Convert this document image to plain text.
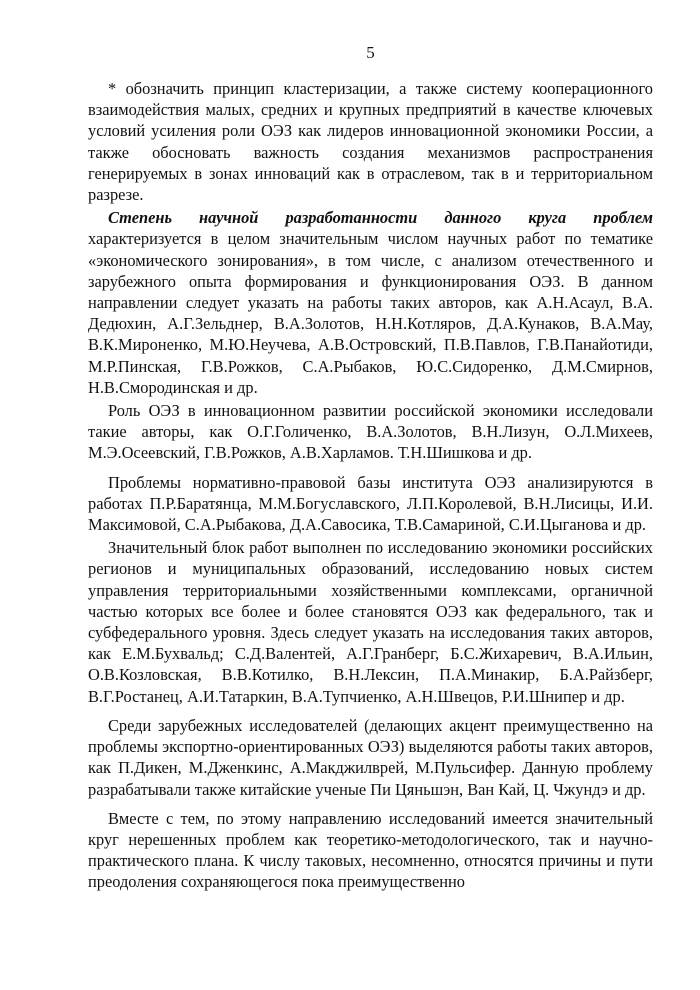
5

* обозначить принцип кластеризации, а также систему кооперационного взаимодействия малых, средних и крупных предприятий в качестве ключевых условий усиления роли ОЭЗ как лидеров инновационной экономики России, а также обосновать важность создания механизмов распространения генерируемых в зонах инноваций как в отраслевом, так в и территориальном разрезе.

Степень научной разработанности данного круга проблем характеризуется в целом значительным числом научных работ по тематике «экономического зонирования», в том числе, с анализом отечественного и зарубежного опыта формирования и функционирования ОЭЗ. В данном направлении следует указать на работы таких авторов, как А.Н.Асаул, В.А. Дедюхин, А.Г.Зельднер, В.А.Золотов, Н.Н.Котляров, Д.А.Кунаков, В.А.Мау, В.К.Мироненко, М.Ю.Неучева, А.В.Островский, П.В.Павлов, Г.В.Панайотиди, М.Р.Пинская, Г.В.Рожков, С.А.Рыбаков, Ю.С.Сидоренко, Д.М.Смирнов, Н.В.Смородинская и др.

Роль ОЭЗ в инновационном развитии российской экономики исследовали такие авторы, как О.Г.Голиченко, В.А.Золотов, В.Н.Лизун, О.Л.Михеев, М.Э.Осеевский, Г.В.Рожков, А.В.Харламов. Т.Н.Шишкова и др.

Проблемы нормативно-правовой базы института ОЭЗ анализируются в работах П.Р.Баратянца, М.М.Богуславского, Л.П.Королевой, В.Н.Лисицы, И.И. Максимовой, С.А.Рыбакова, Д.А.Савосика, Т.В.Самариной, С.И.Цыганова и др.

Значительный блок работ выполнен по исследованию экономики российских регионов и муниципальных образований, исследованию новых систем управления территориальными хозяйственными комплексами, органичной частью которых все более и более становятся ОЭЗ как федерального, так и субфедерального уровня. Здесь следует указать на исследования таких авторов, как Е.М.Бухвальд; С.Д.Валентей, А.Г.Гранберг, Б.С.Жихаревич, В.А.Ильин, О.В.Козловская, В.В.Котилко, В.Н.Лексин, П.А.Минакир, Б.А.Райзберг, В.Г.Ростанец, А.И.Татаркин, В.А.Тупчиенко, А.Н.Швецов, Р.И.Шнипер и др.

Среди зарубежных исследователей (делающих акцент преимущественно на проблемы экспортно-ориентированных ОЭЗ) выделяются работы таких авторов, как П.Дикен, М.Дженкинс, А.Макджилврей, М.Пульсифер. Данную проблему разрабатывали также китайские ученые Пи Цяньшэн, Ван Кай, Ц. Чжундэ и др.

Вместе с тем, по этому направлению исследований имеется значительный круг нерешенных проблем как теоретико-методологического, так и научно-практического плана. К числу таковых, несомненно, относятся причины и пути преодоления сохраняющегося пока преимущественно
